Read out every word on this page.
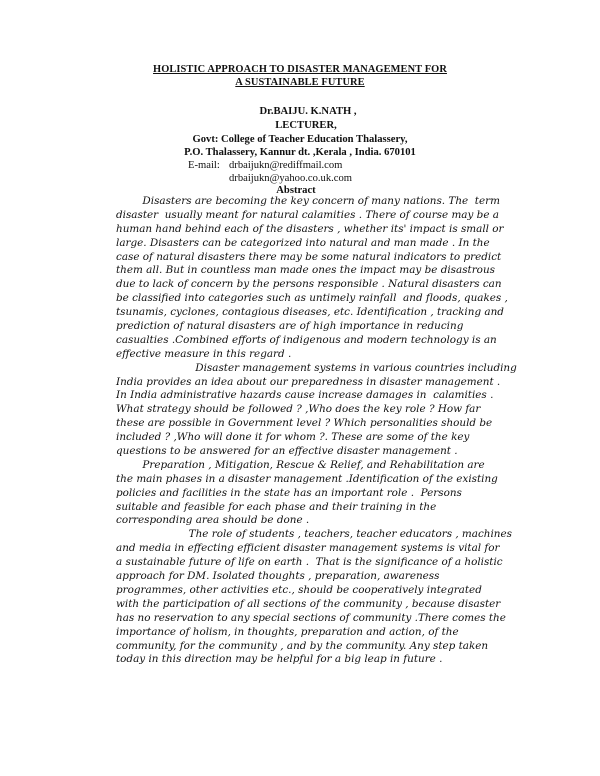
HOLISTIC APPROACH TO DISASTER MANAGEMENT FOR
A SUSTAINABLE FUTURE
Dr.BAIJU. K.NATH ,
LECTURER,
Govt: College of Teacher Education Thalassery,
P.O. Thalassery, Kannur dt. ,Kerala , India. 670101
E-mail: drbaijukn@rediffmail.com
drbaijukn@yahoo.co.uk.com
Abstract
Disasters are becoming the key concern of many nations. The  term
disaster  usually meant for natural calamities . There of course may be a
human hand behind each of the disasters , whether its' impact is small or
large. Disasters can be categorized into natural and man made . In the
case of natural disasters there may be some natural indicators to predict
them all. But in countless man made ones the impact may be disastrous
due to lack of concern by the persons responsible . Natural disasters can
be classified into categories such as untimely rainfall  and floods, quakes ,
tsunamis, cyclones, contagious diseases, etc. Identification , tracking and
prediction of natural disasters are of high importance in reducing
casualties .Combined efforts of indigenous and modern technology is an
effective measure in this regard .
Disaster management systems in various countries including
India provides an idea about our preparedness in disaster management .
In India administrative hazards cause increase damages in  calamities .
What strategy should be followed ? ,Who does the key role ? How far
these are possible in Government level ? Which personalities should be
included ? ,Who will done it for whom ?. These are some of the key
questions to be answered for an effective disaster management .
Preparation , Mitigation, Rescue & Relief, and Rehabilitation are
the main phases in a disaster management .Identification of the existing
policies and facilities in the state has an important role .  Persons
suitable and feasible for each phase and their training in the
corresponding area should be done .
The role of students , teachers, teacher educators , machines
and media in effecting efficient disaster management systems is vital for
a sustainable future of life on earth .  That is the significance of a holistic
approach for DM. Isolated thoughts , preparation, awareness
programmes, other activities etc., should be cooperatively integrated
with the participation of all sections of the community , because disaster
has no reservation to any special sections of community .There comes the
importance of holism, in thoughts, preparation and action, of the
community, for the community , and by the community. Any step taken
today in this direction may be helpful for a big leap in future .
